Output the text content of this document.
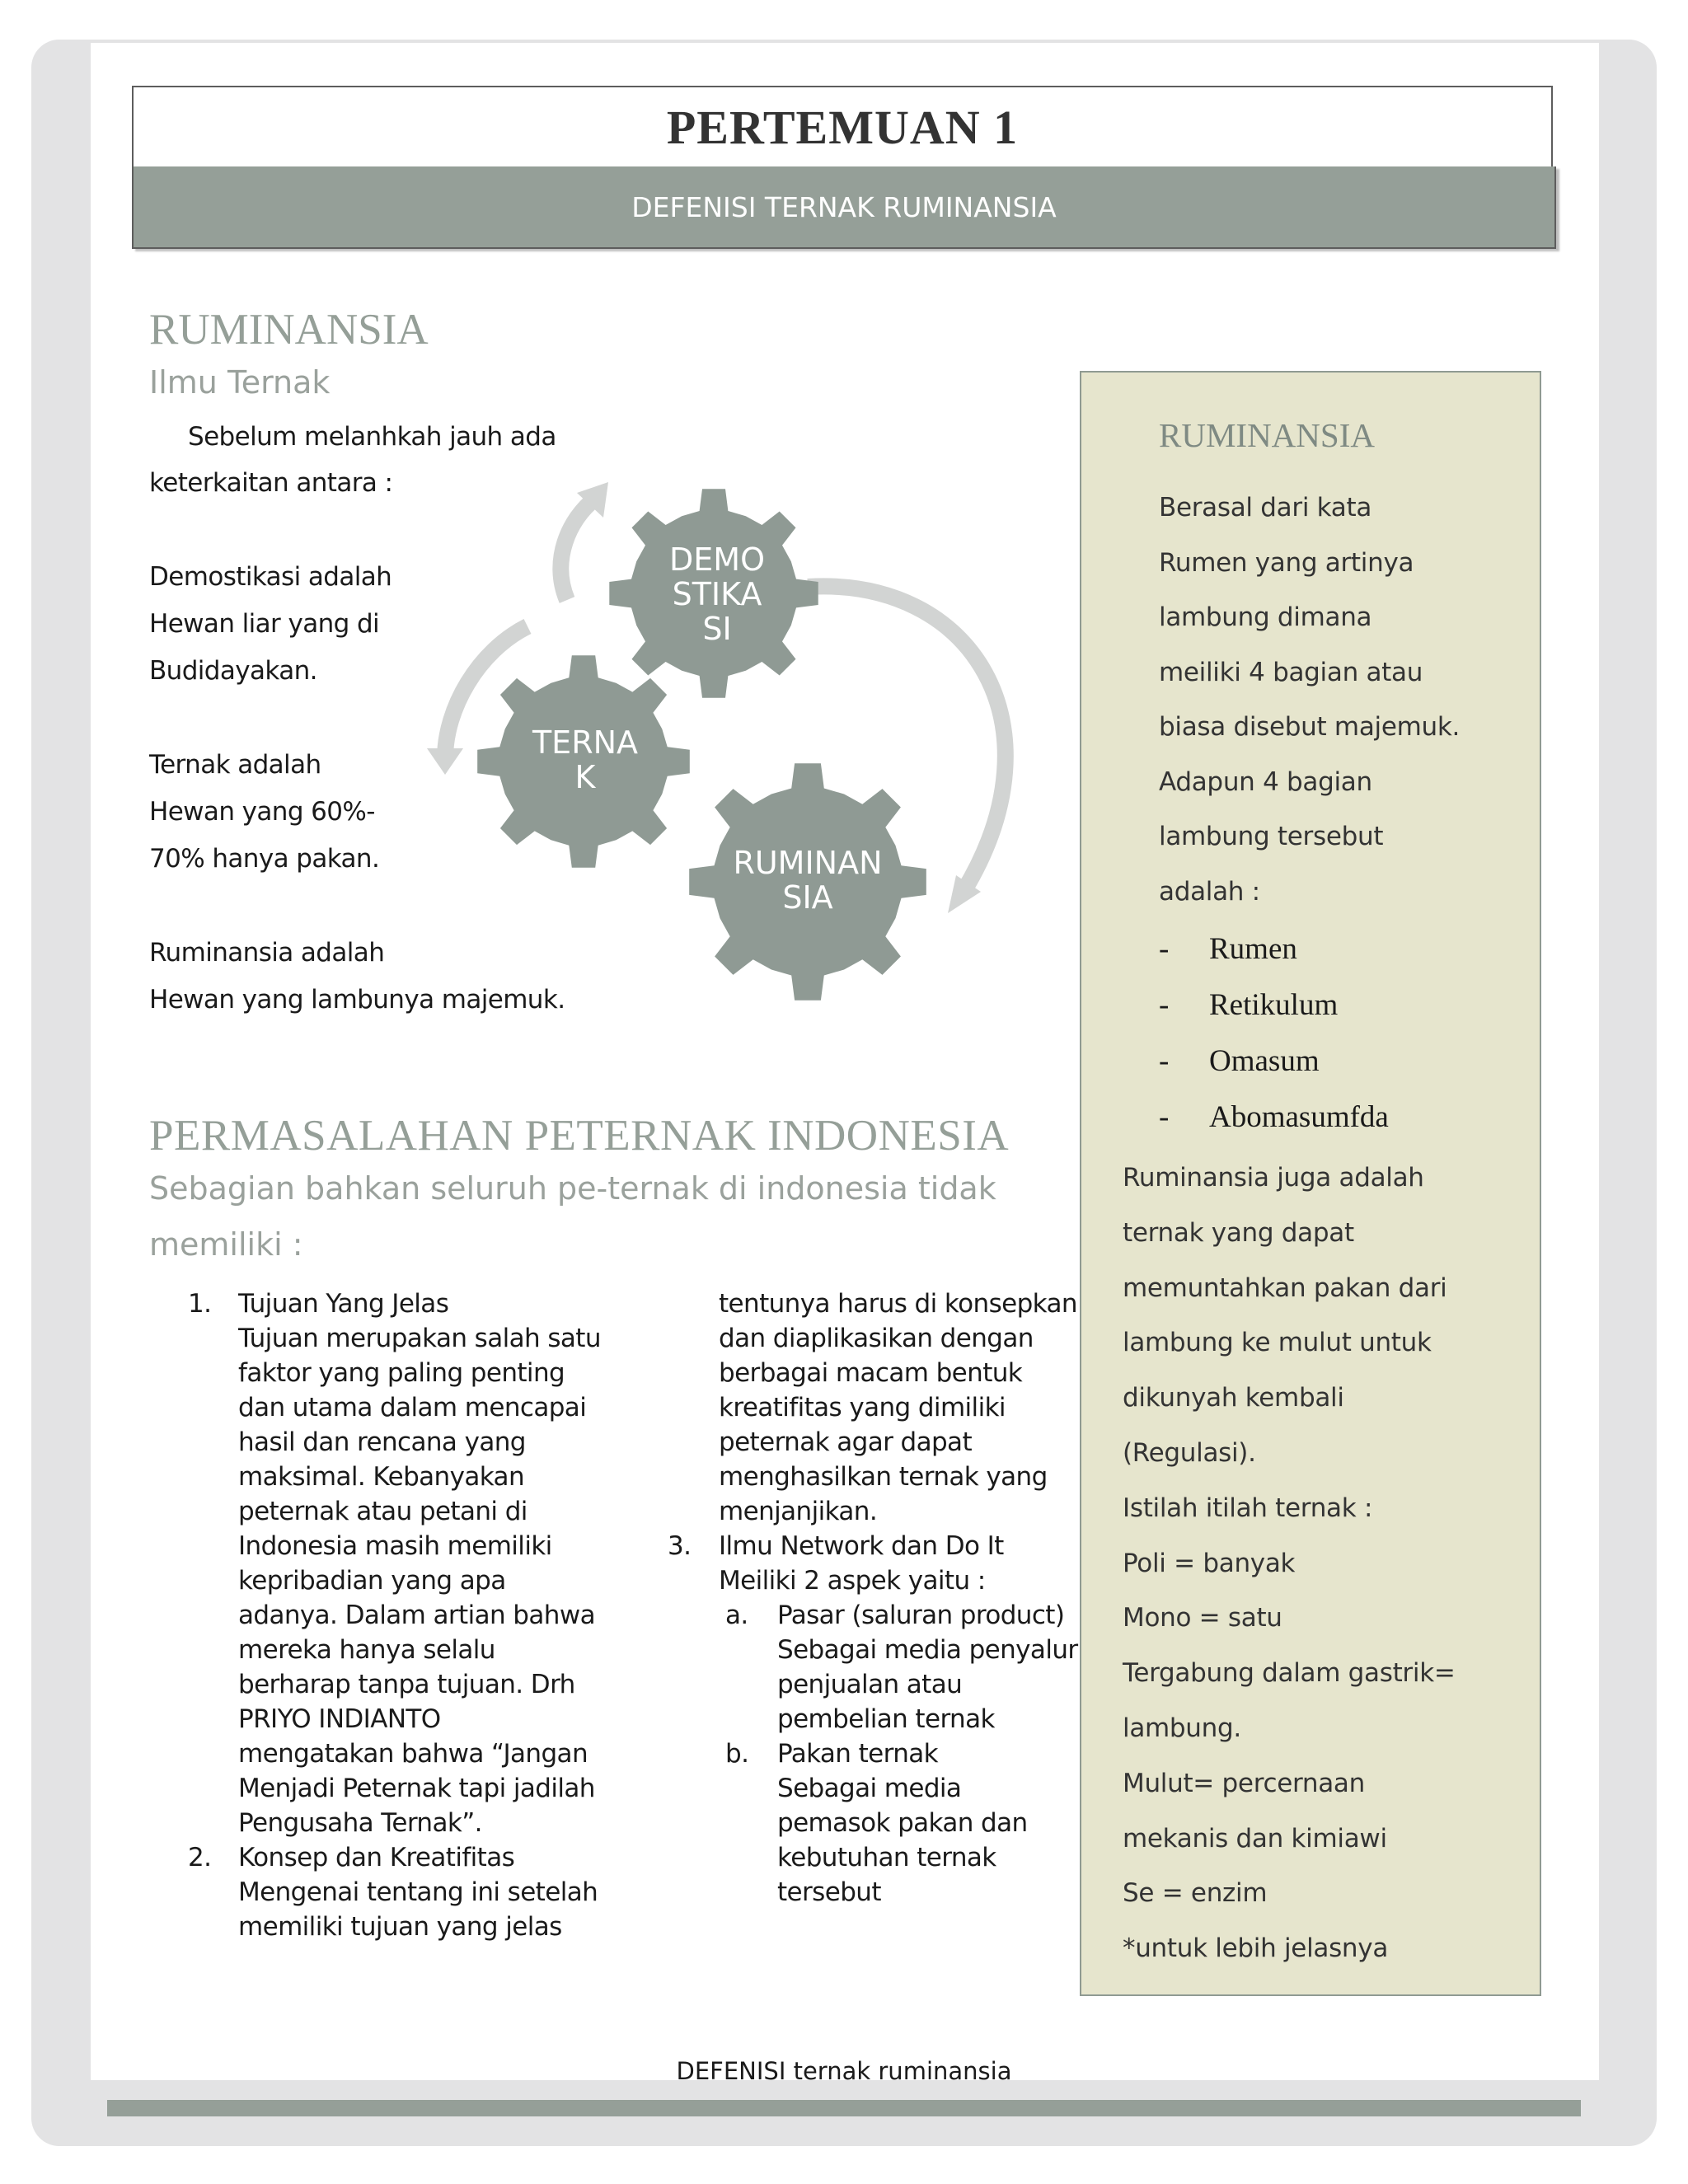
PERTEMUAN 1
DEFENISI TERNAK RUMINANSIA
RUMINANSIA
Ilmu Ternak
Sebelum melanhkah jauh ada
keterkaitan antara :
Demostikasi adalah
Hewan liar yang di
Budidayakan.
Ternak adalah
Hewan yang 60%-
70% hanya pakan.
Ruminansia adalah
Hewan yang lambunya majemuk.
DEMO
STIKA
SI
TERNA
K
RUMINAN
SIA
PERMASALAHAN PETERNAK INDONESIA
Sebagian bahkan seluruh pe-ternak di indonesia tidak
memiliki :
1. Tujuan Yang Jelas
Tujuan merupakan salah satu
faktor yang paling penting
dan utama dalam mencapai
hasil dan rencana yang
maksimal. Kebanyakan
peternak atau petani di
Indonesia masih memiliki
kepribadian yang apa
adanya. Dalam artian bahwa
mereka hanya selalu
berharap tanpa tujuan. Drh
PRIYO INDIANTO
mengatakan bahwa “Jangan
Menjadi Peternak tapi jadilah
Pengusaha Ternak”.
2. Konsep dan Kreatifitas
Mengenai tentang ini setelah
memiliki tujuan yang jelas
tentunya harus di konsepkan
dan diaplikasikan dengan
berbagai macam bentuk
kreatifitas yang dimiliki
peternak agar dapat
menghasilkan ternak yang
menjanjikan.
3. Ilmu Network dan Do It
Meiliki 2 aspek yaitu :
a. Pasar (saluran product)
Sebagai media penyalur
penjualan atau
pembelian ternak
b. Pakan ternak
Sebagai media
pemasok pakan dan
kebutuhan ternak
tersebut
RUMINANSIA
Berasal dari kata
Rumen yang artinya
lambung dimana
meiliki 4 bagian atau
biasa disebut majemuk.
Adapun 4 bagian
lambung tersebut
adalah :
- Rumen
- Retikulum
- Omasum
- Abomasumfda
Ruminansia juga adalah
ternak yang dapat
memuntahkan pakan dari
lambung ke mulut untuk
dikunyah kembali
(Regulasi).
Istilah itilah ternak :
Poli = banyak
Mono = satu
Tergabung dalam gastrik=
lambung.
Mulut= percernaan
mekanis dan kimiawi
Se = enzim
*untuk lebih jelasnya
DEFENISI ternak ruminansia
